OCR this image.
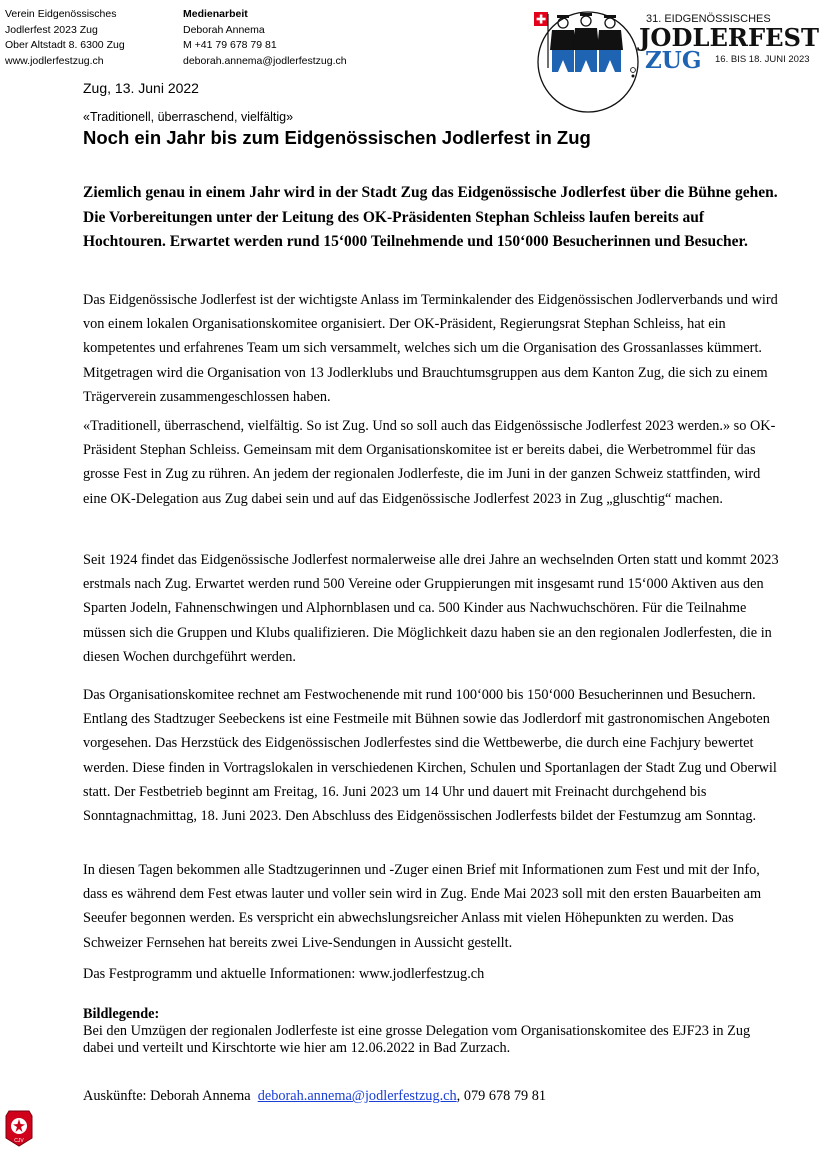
Verein Eidgenössisches
Jodlerfest 2023 Zug
Ober Altstadt 8. 6300 Zug
www.jodlerfestzug.ch
Medienarbeit
Deborah Annema
M +41 79 678 79 81
deborah.annema@jodlerfestzug.ch
31. EIDGENÖSSISCHES
JODLERFEST
ZUG 16. BIS 18. JUNI 2023
Zug, 13. Juni 2022
«Traditionell, überraschend, vielfältig»
Noch ein Jahr bis zum Eidgenössischen Jodlerfest in Zug

Ziemlich genau in einem Jahr wird in der Stadt Zug das Eidgenössische Jodlerfest über die Bühne gehen. Die Vorbereitungen unter der Leitung des OK-Präsidenten Stephan Schleiss laufen bereits auf Hochtouren. Erwartet werden rund 15‘000 Teilnehmende und 150‘000 Besucherinnen und Besucher.

Das Eidgenössische Jodlerfest ist der wichtigste Anlass im Terminkalender des Eidgenössischen Jodlerverbands und wird von einem lokalen Organisationskomitee organisiert. Der OK-Präsident, Regierungsrat Stephan Schleiss, hat ein kompetentes und erfahrenes Team um sich versammelt, welches sich um die Organisation des Grossanlasses kümmert. Mitgetragen wird die Organisation von 13 Jodlerklubs und Brauchtumsgruppen aus dem Kanton Zug, die sich zu einem Trägerverein zusammengeschlossen haben.

«Traditionell, überraschend, vielfältig. So ist Zug. Und so soll auch das Eidgenössische Jodlerfest 2023 werden.» so OK-Präsident Stephan Schleiss. Gemeinsam mit dem Organisationskomitee ist er bereits dabei, die Werbetrommel für das grosse Fest in Zug zu rühren. An jedem der regionalen Jodlerfeste, die im Juni in der ganzen Schweiz stattfinden, wird eine OK-Delegation aus Zug dabei sein und auf das Eidgenössische Jodlerfest 2023 in Zug „gluschtig“ machen.

Seit 1924 findet das Eidgenössische Jodlerfest normalerweise alle drei Jahre an wechselnden Orten statt und kommt 2023 erstmals nach Zug. Erwartet werden rund 500 Vereine oder Gruppierungen mit insgesamt rund 15‘000 Aktiven aus den Sparten Jodeln, Fahnenschwingen und Alphornblasen und ca. 500 Kinder aus Nachwuchschören. Für die Teilnahme müssen sich die Gruppen und Klubs qualifizieren. Die Möglichkeit dazu haben sie an den regionalen Jodlerfesten, die in diesen Wochen durchgeführt werden.

Das Organisationskomitee rechnet am Festwochenende mit rund 100‘000 bis 150‘000 Besucherinnen und Besuchern. Entlang des Stadtzuger Seebeckens ist eine Festmeile mit Bühnen sowie das Jodlerdorf mit gastronomischen Angeboten vorgesehen. Das Herzstück des Eidgenössischen Jodlerfestes sind die Wettbewerbe, die durch eine Fachjury bewertet werden. Diese finden in Vortragslokalen in verschiedenen Kirchen, Schulen und Sportanlagen der Stadt Zug und Oberwil statt. Der Festbetrieb beginnt am Freitag, 16. Juni 2023 um 14 Uhr und dauert mit Freinacht durchgehend bis Sonntagnachmittag, 18. Juni 2023. Den Abschluss des Eidgenössischen Jodlerfests bildet der Festumzug am Sonntag.

In diesen Tagen bekommen alle Stadtzugerinnen und -Zuger einen Brief mit Informationen zum Fest und mit der Info, dass es während dem Fest etwas lauter und voller sein wird in Zug. Ende Mai 2023 soll mit den ersten Bauarbeiten am Seeufer begonnen werden. Es verspricht ein abwechslungsreicher Anlass mit vielen Höhepunkten zu werden. Das Schweizer Fernsehen hat bereits zwei Live-Sendungen in Aussicht gestellt.

Das Festprogramm und aktuelle Informationen: www.jodlerfestzug.ch

Bildlegende:
Bei den Umzügen der regionalen Jodlerfeste ist eine grosse Delegation vom Organisationskomitee des EJF23 in Zug dabei und verteilt und Kirschtorte wie hier am 12.06.2022 in Bad Zurzach.
Auskünfte: Deborah Annema deborah.annema@jodlerfestzug.ch, 079 678 79 81
CJV
